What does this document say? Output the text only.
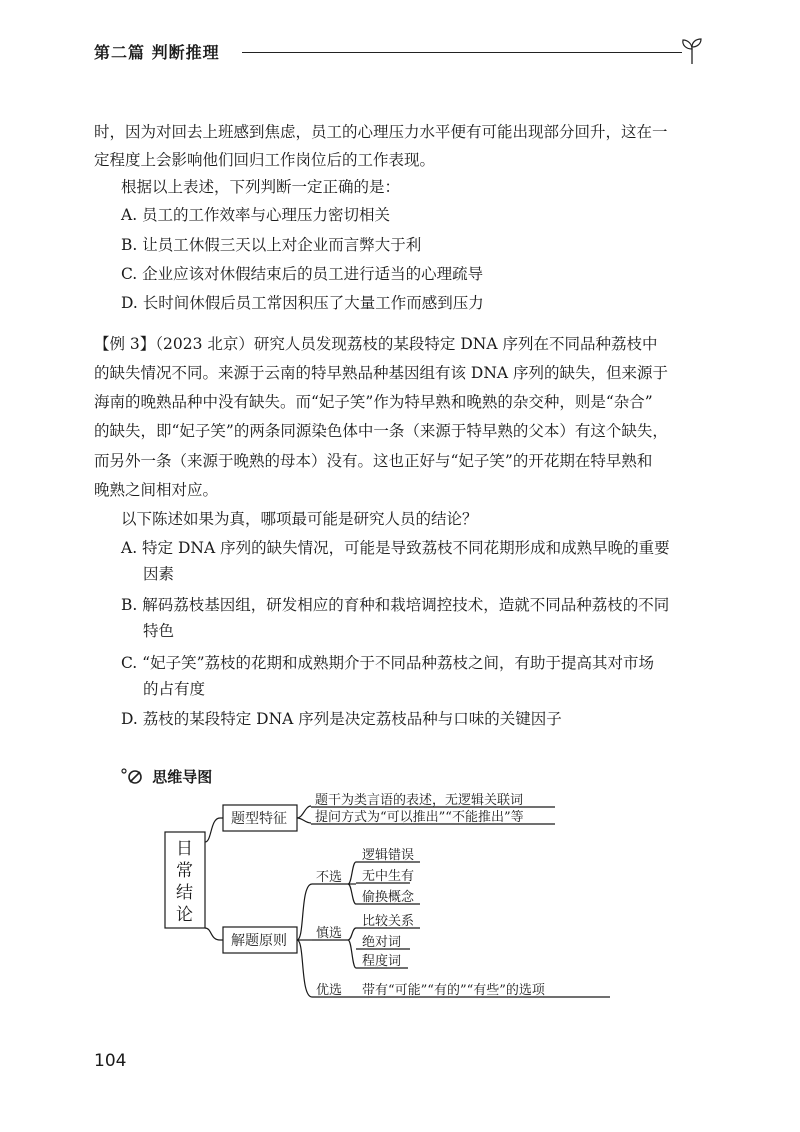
第二篇 判断推理
时，因为对回去上班感到焦虑，员工的心理压力水平便有可能出现部分回升，这在一
定程度上会影响他们回归工作岗位后的工作表现。
根据以上表述，下列判断一定正确的是：
A. 员工的工作效率与心理压力密切相关
B. 让员工休假三天以上对企业而言弊大于利
C. 企业应该对休假结束后的员工进行适当的心理疏导
D. 长时间休假后员工常因积压了大量工作而感到压力
【例 3】（2023 北京）研究人员发现荔枝的某段特定 DNA 序列在不同品种荔枝中
的缺失情况不同。来源于云南的特早熟品种基因组有该 DNA 序列的缺失，但来源于
海南的晚熟品种中没有缺失。而“妃子笑”作为特早熟和晚熟的杂交种，则是“杂合”
的缺失，即“妃子笑”的两条同源染色体中一条（来源于特早熟的父本）有这个缺失，
而另外一条（来源于晚熟的母本）没有。这也正好与“妃子笑”的开花期在特早熟和
晚熟之间相对应。
以下陈述如果为真，哪项最可能是研究人员的结论？
A. 特定 DNA 序列的缺失情况，可能是导致荔枝不同花期形成和成熟早晚的重要
因素
B. 解码荔枝基因组，研发相应的育种和栽培调控技术，造就不同品种荔枝的不同
特色
C. “妃子笑”荔枝的花期和成熟期介于不同品种荔枝之间，有助于提高其对市场
的占有度
D. 荔枝的某段特定 DNA 序列是决定荔枝品种与口味的关键因子
思维导图
日
常
结
论
题型特征
题干为类言语的表述，无逻辑关联词
提问方式为“可以推出”“不能推出”等
解题原则
不选
逻辑错误
无中生有
偷换概念
慎选
比较关系
绝对词
程度词
优选 带有“可能”“有的”“有些”的选项
104
